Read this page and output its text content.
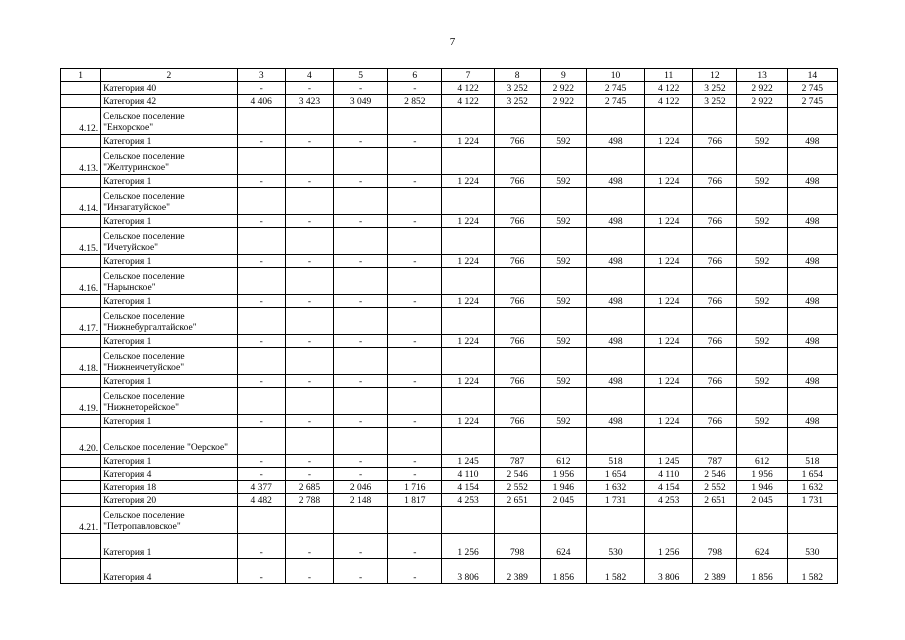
7
1	2	3	4	5	6	7	8	9	10	11	12	13	14
	Категория 40	-	-	-	-	4 122	3 252	2 922	2 745	4 122	3 252	2 922	2 745
	Категория 42	4 406	3 423	3 049	2 852	4 122	3 252	2 922	2 745	4 122	3 252	2 922	2 745
4.12.	Сельское поселение "Енхорское"												
	Категория 1	-	-	-	-	1 224	766	592	498	1 224	766	592	498
4.13.	Сельское поселение "Желтуринское"												
	Категория 1	-	-	-	-	1 224	766	592	498	1 224	766	592	498
4.14.	Сельское поселение "Инзагатуйское"												
	Категория 1	-	-	-	-	1 224	766	592	498	1 224	766	592	498
4.15.	Сельское поселение "Ичетуйское"												
	Категория 1	-	-	-	-	1 224	766	592	498	1 224	766	592	498
4.16.	Сельское поселение "Нарынское"												
	Категория 1	-	-	-	-	1 224	766	592	498	1 224	766	592	498
4.17.	Сельское поселение "Нижнебургалтайское"												
	Категория 1	-	-	-	-	1 224	766	592	498	1 224	766	592	498
4.18.	Сельское поселение "Нижнеичетуйское"												
	Категория 1	-	-	-	-	1 224	766	592	498	1 224	766	592	498
4.19.	Сельское поселение "Нижнеторейское"												
	Категория 1	-	-	-	-	1 224	766	592	498	1 224	766	592	498
4.20.	Сельское поселение "Оерское"												
	Категория 1	-	-	-	-	1 245	787	612	518	1 245	787	612	518
	Категория 4	-	-	-	-	4 110	2 546	1 956	1 654	4 110	2 546	1 956	1 654
	Категория 18	4 377	2 685	2 046	1 716	4 154	2 552	1 946	1 632	4 154	2 552	1 946	1 632
	Категория 20	4 482	2 788	2 148	1 817	4 253	2 651	2 045	1 731	4 253	2 651	2 045	1 731
4.21.	Сельское поселение "Петропавловское"												
	Категория 1	-	-	-	-	1 256	798	624	530	1 256	798	624	530
	Категория 4	-	-	-	-	3 806	2 389	1 856	1 582	3 806	2 389	1 856	1 582
